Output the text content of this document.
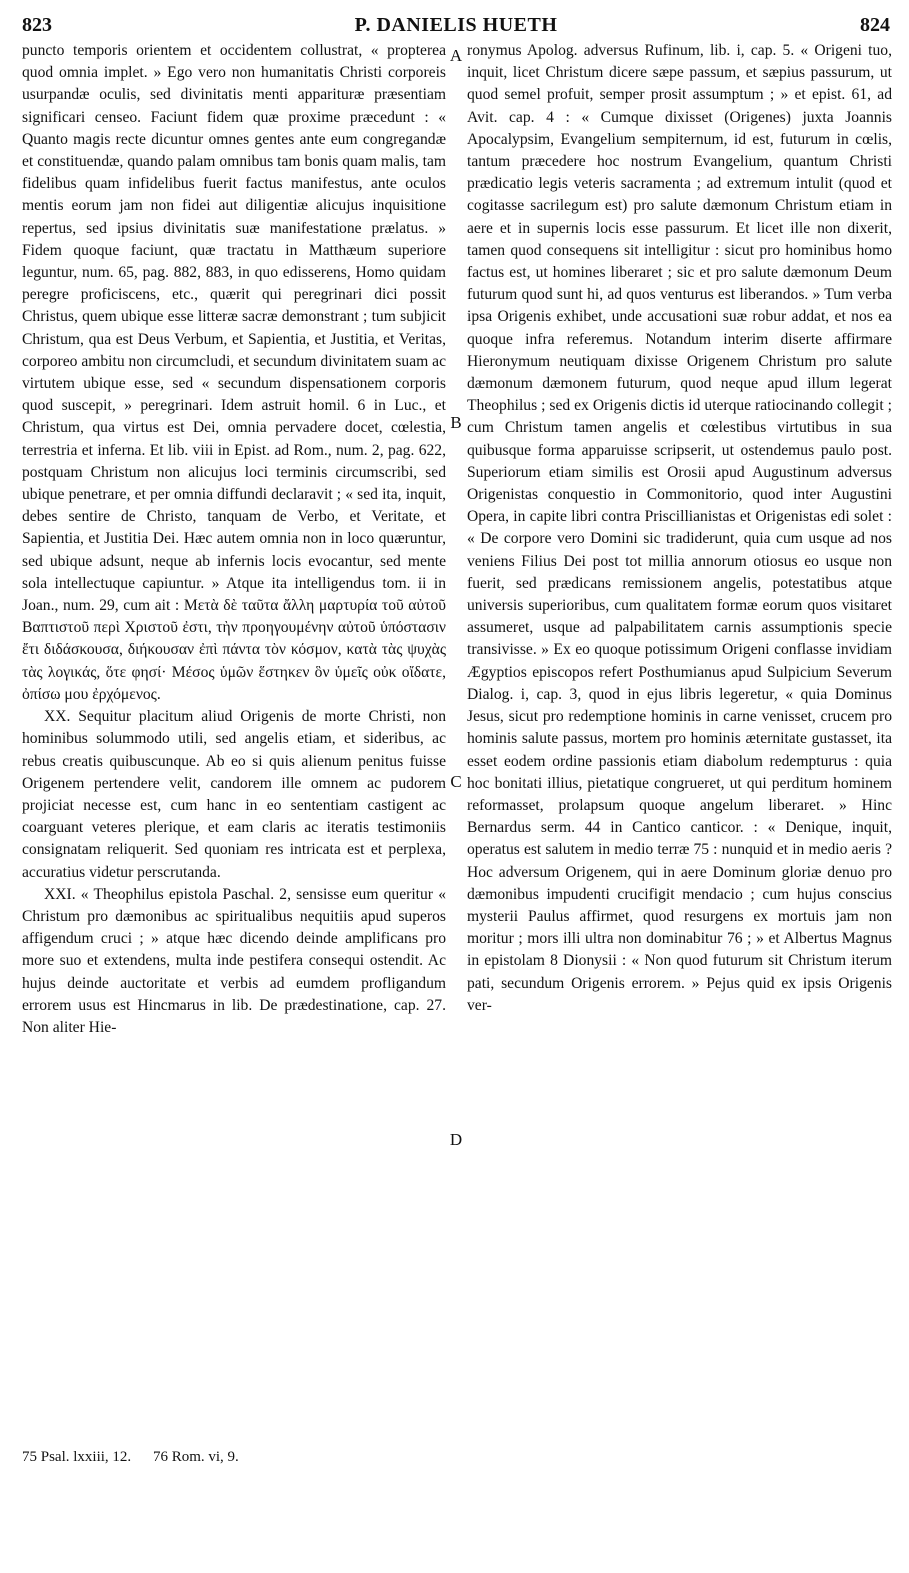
823	P. DANIELIS HUETH	824

puncto temporis orientem et occidentem collustrat, « propterea quod omnia implet. » Ego vero non humanitatis Christi corporeis usurpandæ oculis, sed divinitatis menti apparituræ præsentiam significari censeo. Faciunt fidem quæ proxime præcedunt : « Quanto magis recte dicuntur omnes gentes ante eum congregandæ et constituendæ, quando palam omnibus tam bonis quam malis, tam fidelibus quam infidelibus fuerit factus manifestus, ante oculos mentis eorum jam non fidei aut diligentiæ alicujus inquisitione repertus, sed ipsius divinitatis suæ manifestatione prælatus. » Fidem quoque faciunt, quæ tractatu in Matthæum superiore leguntur, num. 65, pag. 882, 883, in quo edisserens, Homo quidam peregre proficiscens, etc., quærit qui peregrinari dici possit Christus, quem ubique esse litteræ sacræ demonstrant ; tum subjicit Christum, qua est Deus Verbum, et Sapientia, et Justitia, et Veritas, corporeo ambitu non circumcludi, et secundum divinitatem suam ac virtutem ubique esse, sed « secundum dispensationem corporis quod suscepit, » peregrinari. Idem astruit homil. 6 in Luc., et Christum, qua virtus est Dei, omnia pervadere docet, cœlestia, terrestria et inferna. Et lib. viii in Epist. ad Rom., num. 2, pag. 622, postquam Christum non alicujus loci terminis circumscribi, sed ubique penetrare, et per omnia diffundi declaravit ; « sed ita, inquit, debes sentire de Christo, tanquam de Verbo, et Veritate, et Sapientia, et Justitia Dei. Hæc autem omnia non in loco quæruntur, sed ubique adsunt, neque ab infernis locis evocantur, sed mente sola intellectuque capiuntur. » Atque ita intelligendus tom. ii in Joan., num. 29, cum ait : Μετὰ δὲ ταῦτα ἄλλη μαρτυρία τοῦ αὐτοῦ Βαπτιστοῦ περὶ Χριστοῦ ἐστι, τὴν προηγουμένην αὐτοῦ ὑπόστασιν ἔτι διδάσκουσα, διήκουσαν ἐπὶ πάντα τὸν κόσμον, κατὰ τὰς ψυχὰς τὰς λογικάς, ὅτε φησί· Μέσος ὑμῶν ἕστηκεν ὃν ὑμεῖς οὐκ οἴδατε, ὀπίσω μου ἐρχόμενος.

XX. Sequitur placitum aliud Origenis de morte Christi, non hominibus solummodo utili, sed angelis etiam, et sideribus, ac rebus creatis quibuscunque. Ab eo si quis alienum penitus fuisse Origenem pertendere velit, candorem ille omnem ac pudorem projiciat necesse est, cum hanc in eo sententiam castigent ac coarguant veteres plerique, et eam claris ac iteratis testimoniis consignatam reliquerit. Sed quoniam res intricata est et perplexa, accuratius videtur perscrutanda.

XXI. « Theophilus epistola Paschal. 2, sensisse eum queritur « Christum pro dæmonibus ac spiritualibus nequitiis apud superos affigendum cruci ; » atque hæc dicendo deinde amplificans pro more suo et extendens, multa inde pestifera consequi ostendit. Ac hujus deinde auctoritate et verbis ad eumdem profligandum errorem usus est Hincmarus in lib. De prædestinatione, cap. 27. Non aliter Hie-

A
B
C
D

ronymus Apolog. adversus Rufinum, lib. i, cap. 5. « Origeni tuo, inquit, licet Christum dicere sæpe passum, et sæpius passurum, ut quod semel profuit, semper prosit assumptum ; » et epist. 61, ad Avit. cap. 4 : « Cumque dixisset (Origenes) juxta Joannis Apocalypsim, Evangelium sempiternum, id est, futurum in cœlis, tantum præcedere hoc nostrum Evangelium, quantum Christi prædicatio legis veteris sacramenta ; ad extremum intulit (quod et cogitasse sacrilegum est) pro salute dæmonum Christum etiam in aere et in supernis locis esse passurum. Et licet ille non dixerit, tamen quod consequens sit intelligitur : sicut pro hominibus homo factus est, ut homines liberaret ; sic et pro salute dæmonum Deum futurum quod sunt hi, ad quos venturus est liberandos. » Tum verba ipsa Origenis exhibet, unde accusationi suæ robur addat, et nos ea quoque infra referemus. Notandum interim diserte affirmare Hieronymum neutiquam dixisse Origenem Christum pro salute dæmonum dæmonem futurum, quod neque apud illum legerat Theophilus ; sed ex Origenis dictis id uterque ratiocinando collegit ; cum Christum tamen angelis et cœlestibus virtutibus in sua quibusque forma apparuisse scripserit, ut ostendemus paulo post. Superiorum etiam similis est Orosii apud Augustinum adversus Origenistas conquestio in Commonitorio, quod inter Augustini Opera, in capite libri contra Priscillianistas et Origenistas edi solet : « De corpore vero Domini sic tradiderunt, quia cum usque ad nos veniens Filius Dei post tot millia annorum otiosus eo usque non fuerit, sed prædicans remissionem angelis, potestatibus atque universis superioribus, cum qualitatem formæ eorum quos visitaret assumeret, usque ad palpabilitatem carnis assumptionis specie transivisse. » Ex eo quoque potissimum Origeni conflasse invidiam Ægyptios episcopos refert Posthumianus apud Sulpicium Severum Dialog. i, cap. 3, quod in ejus libris legeretur, « quia Dominus Jesus, sicut pro redemptione hominis in carne venisset, crucem pro hominis salute passus, mortem pro hominis æternitate gustasset, ita esset eodem ordine passionis etiam diabolum redempturus : quia hoc bonitati illius, pietatique congrueret, ut qui perditum hominem reformasset, prolapsum quoque angelum liberaret. » Hinc Bernardus serm. 44 in Cantico canticor. : « Denique, inquit, operatus est salutem in medio terræ 75 : nunquid et in medio aeris ? Hoc adversum Origenem, qui in aere Dominum gloriæ denuo pro dæmonibus impudenti crucifigit mendacio ; cum hujus conscius mysterii Paulus affirmet, quod resurgens ex mortuis jam non moritur ; mors illi ultra non dominabitur 76 ; » et Albertus Magnus in epistolam 8 Dionysii : « Non quod futurum sit Christum iterum pati, secundum Origenis errorem. » Pejus quid ex ipsis Origenis ver-

75 Psal. lxxiii, 12. 76 Rom. vi, 9.
